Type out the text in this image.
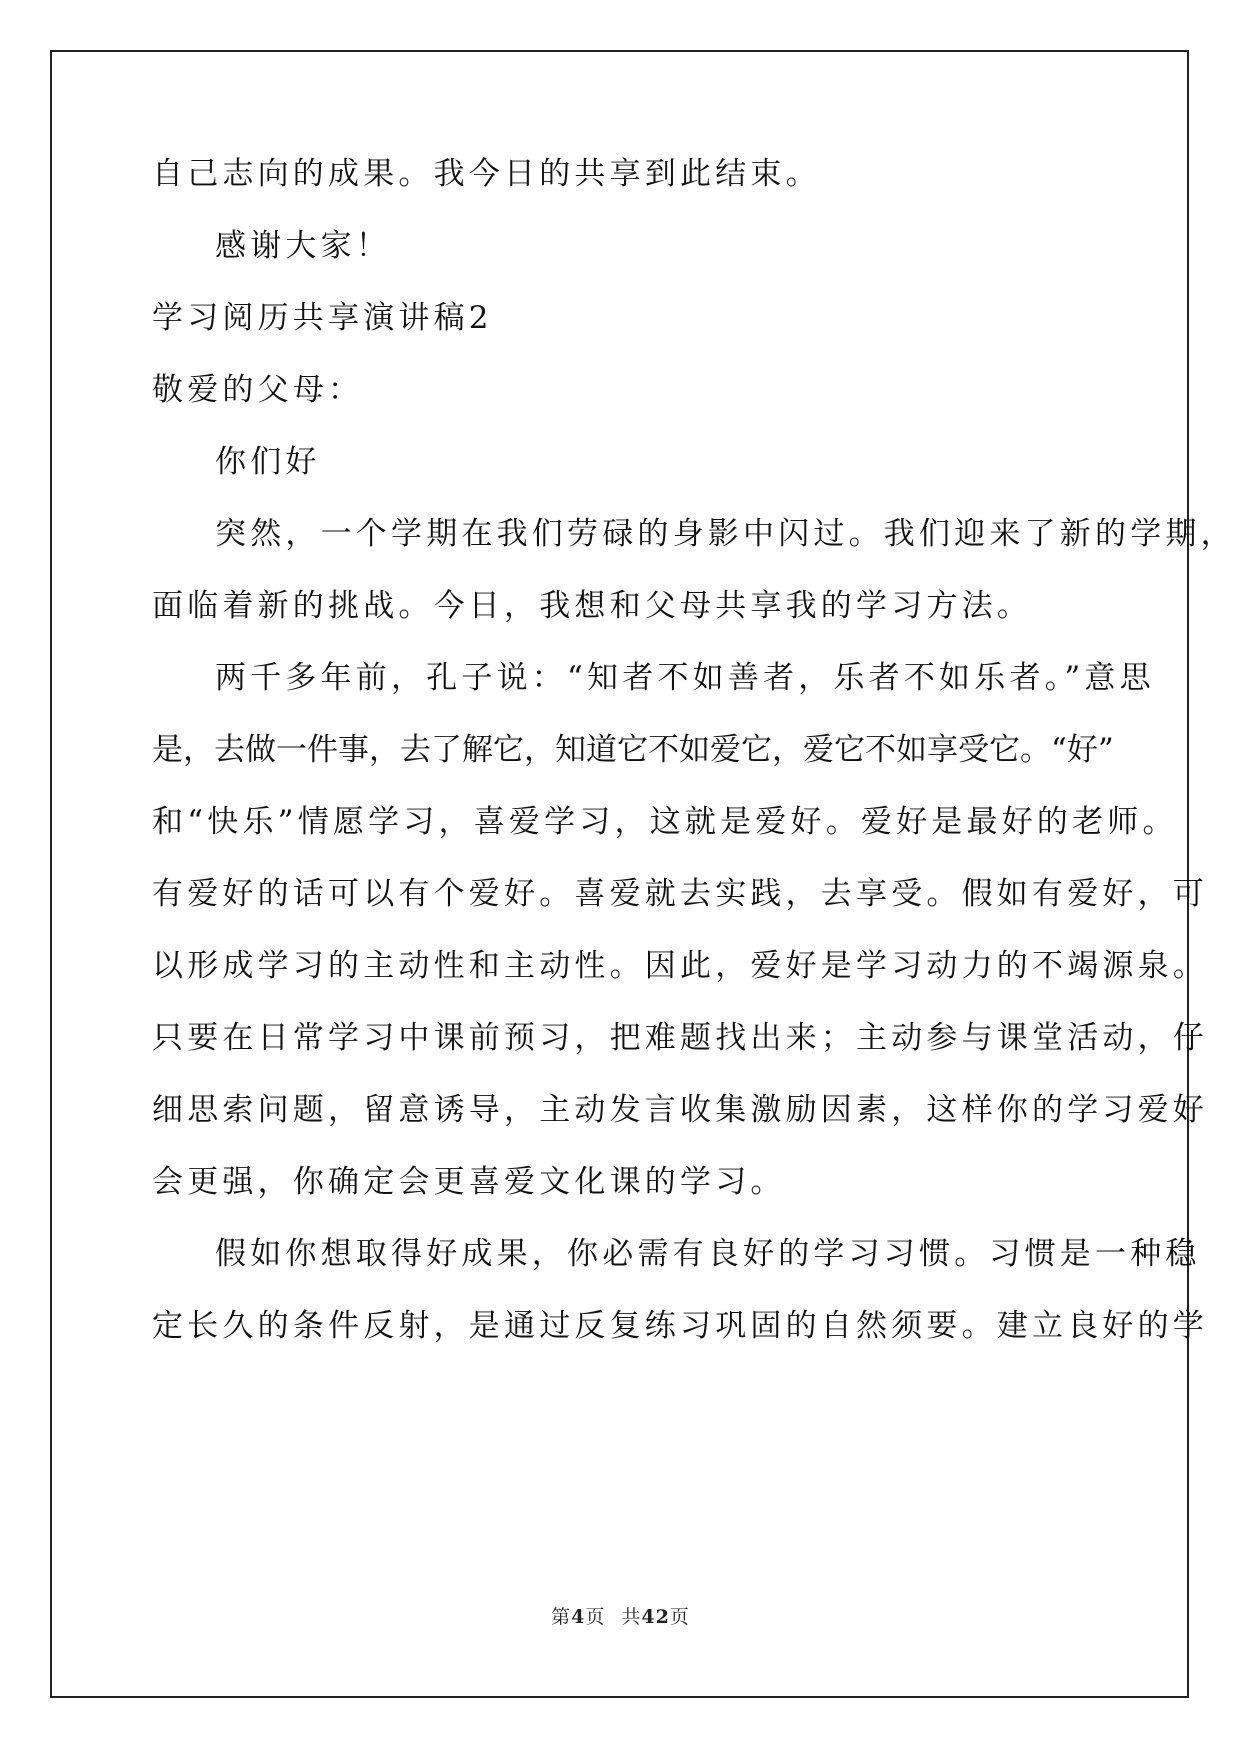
自己志向的成果。我今日的共享到此结束。
感谢大家！
学习阅历共享演讲稿2
敬爱的父母：
你们好
突然，一个学期在我们劳碌的身影中闪过。我们迎来了新的学期，
面临着新的挑战。今日，我想和父母共享我的学习方法。
两千多年前，孔子说：“知者不如善者，乐者不如乐者。”意思
是，去做一件事，去了解它，知道它不如爱它，爱它不如享受它。“好”
和“快乐”情愿学习，喜爱学习，这就是爱好。爱好是最好的老师。
有爱好的话可以有个爱好。喜爱就去实践，去享受。假如有爱好，可
以形成学习的主动性和主动性。因此，爱好是学习动力的不竭源泉。
只要在日常学习中课前预习，把难题找出来；主动参与课堂活动，仔
细思索问题，留意诱导，主动发言收集激励因素，这样你的学习爱好
会更强，你确定会更喜爱文化课的学习。
假如你想取得好成果，你必需有良好的学习习惯。习惯是一种稳
定长久的条件反射，是通过反复练习巩固的自然须要。建立良好的学
第4页 共42页
